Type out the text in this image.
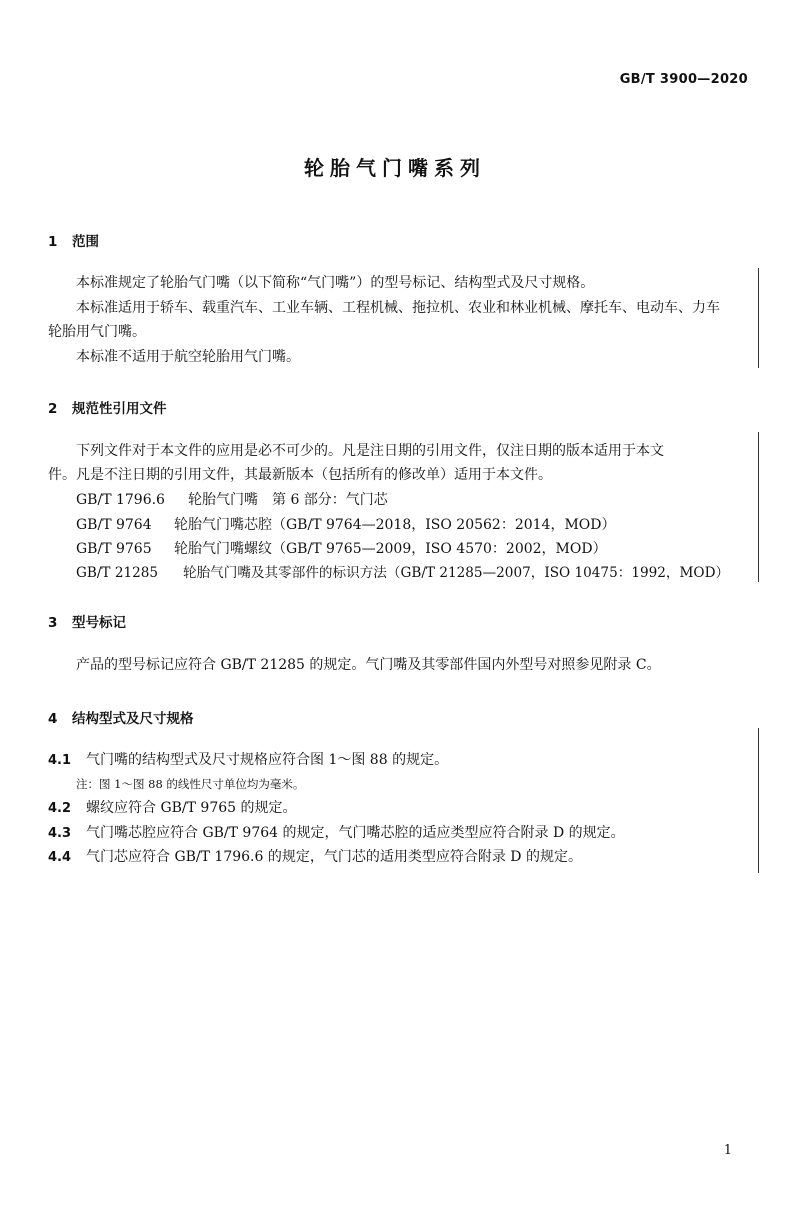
GB/T 3900—2020
轮胎气门嘴系列
1 范围
本标准规定了轮胎气门嘴（以下简称“气门嘴”）的型号标记、结构型式及尺寸规格。
本标准适用于轿车、载重汽车、工业车辆、工程机械、拖拉机、农业和林业机械、摩托车、电动车、力车
轮胎用气门嘴。
本标准不适用于航空轮胎用气门嘴。
2 规范性引用文件
下列文件对于本文件的应用是必不可少的。凡是注日期的引用文件，仅注日期的版本适用于本文
件。凡是不注日期的引用文件，其最新版本（包括所有的修改单）适用于本文件。
GB/T 1796.6 轮胎气门嘴　第 6 部分：气门芯
GB/T 9764 轮胎气门嘴芯腔（GB/T 9764—2018，ISO 20562：2014，MOD）
GB/T 9765 轮胎气门嘴螺纹（GB/T 9765—2009，ISO 4570：2002，MOD）
GB/T 21285 轮胎气门嘴及其零部件的标识方法（GB/T 21285—2007，ISO 10475：1992，MOD）
3 型号标记
产品的型号标记应符合 GB/T 21285 的规定。气门嘴及其零部件国内外型号对照参见附录 C。
4 结构型式及尺寸规格
4.1 气门嘴的结构型式及尺寸规格应符合图 1～图 88 的规定。
注：图 1～图 88 的线性尺寸单位均为毫米。
4.2 螺纹应符合 GB/T 9765 的规定。
4.3 气门嘴芯腔应符合 GB/T 9764 的规定，气门嘴芯腔的适应类型应符合附录 D 的规定。
4.4 气门芯应符合 GB/T 1796.6 的规定，气门芯的适用类型应符合附录 D 的规定。
1
